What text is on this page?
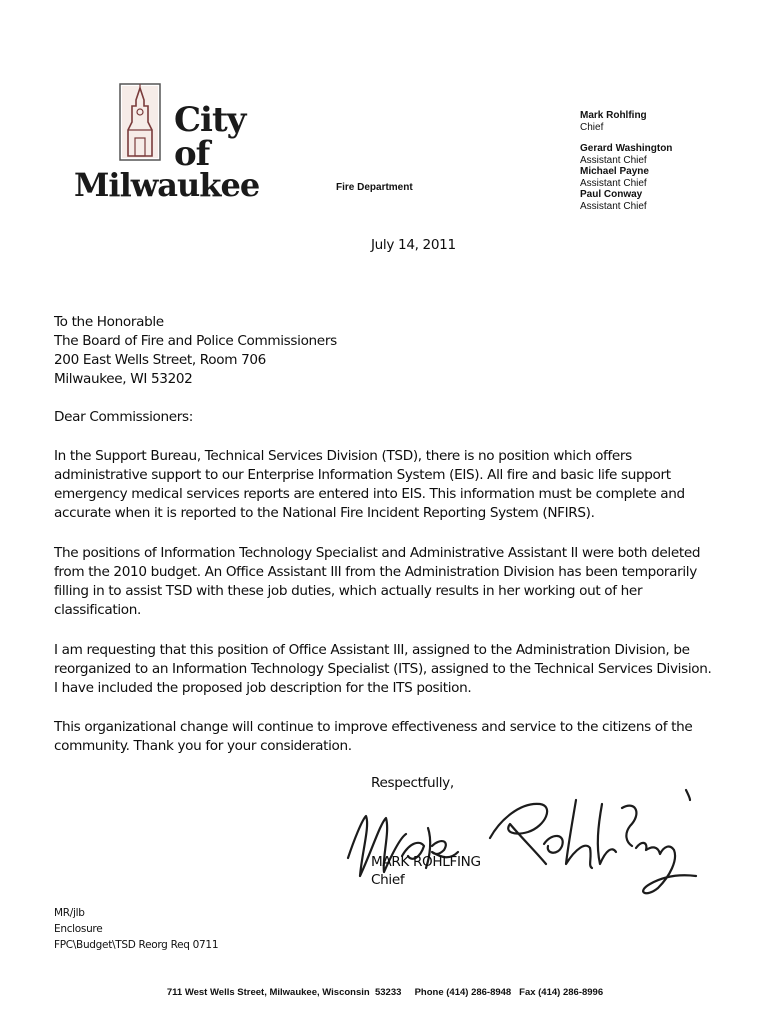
City
of
Milwaukee	Fire Department
Mark Rohlfing
Chief
Gerard Washington
Assistant Chief
Michael Payne
Assistant Chief
Paul Conway
Assistant Chief
July 14, 2011
To the Honorable
The Board of Fire and Police Commissioners
200 East Wells Street, Room 706
Milwaukee, WI 53202
Dear Commissioners:
In the Support Bureau, Technical Services Division (TSD), there is no position which offers
administrative support to our Enterprise Information System (EIS). All fire and basic life support
emergency medical services reports are entered into EIS. This information must be complete and
accurate when it is reported to the National Fire Incident Reporting System (NFIRS).
The positions of Information Technology Specialist and Administrative Assistant II were both deleted
from the 2010 budget. An Office Assistant III from the Administration Division has been temporarily
filling in to assist TSD with these job duties, which actually results in her working out of her
classification.
I am requesting that this position of Office Assistant III, assigned to the Administration Division, be
reorganized to an Information Technology Specialist (ITS), assigned to the Technical Services Division.
I have included the proposed job description for the ITS position.
This organizational change will continue to improve effectiveness and service to the citizens of the
community. Thank you for your consideration.
Respectfully,
MARK ROHLFING
Chief
MR/jlb
Enclosure
FPC\Budget\TSD Reorg Req 0711
711 West Wells Street, Milwaukee, Wisconsin  53233     Phone (414) 286-8948   Fax (414) 286-8996
